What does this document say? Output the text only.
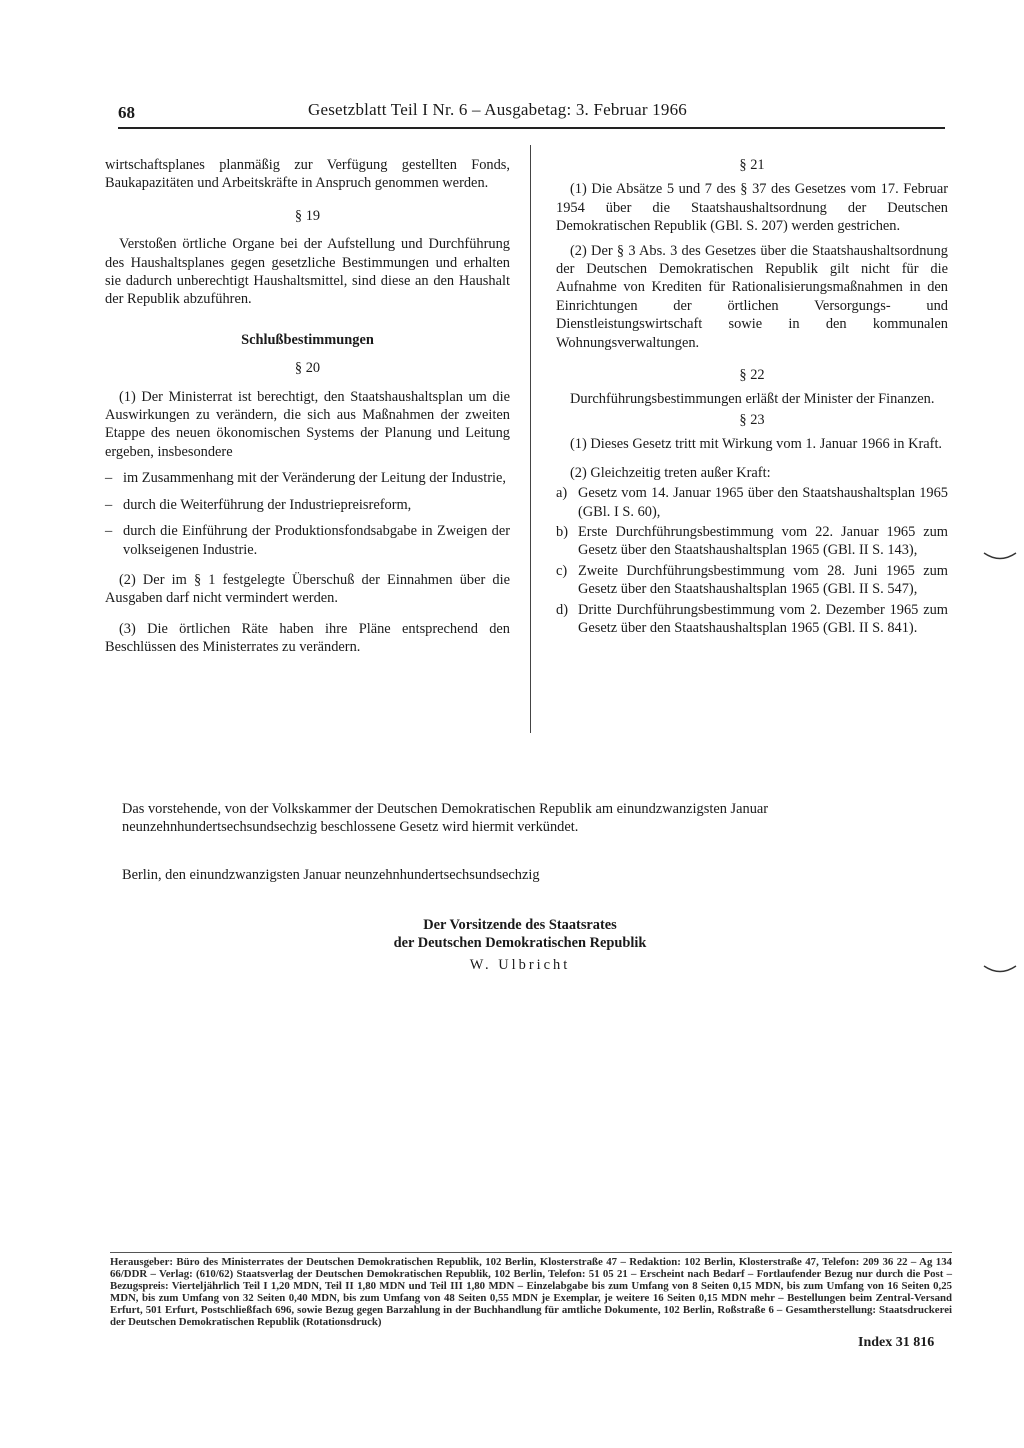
68	Gesetzblatt Teil I Nr. 6 – Ausgabetag: 3. Februar 1966

wirtschaftsplanes planmäßig zur Verfügung gestellten Fonds, Baukapazitäten und Arbeitskräfte in Anspruch genommen werden.

§ 19

Verstoßen örtliche Organe bei der Aufstellung und Durchführung des Haushaltsplanes gegen gesetzliche Bestimmungen und erhalten sie dadurch unberechtigt Haushaltsmittel, sind diese an den Haushalt der Republik abzuführen.

Schlußbestimmungen

§ 20

(1) Der Ministerrat ist berechtigt, den Staatshaushaltsplan um die Auswirkungen zu verändern, die sich aus Maßnahmen der zweiten Etappe des neuen ökonomischen Systems der Planung und Leitung ergeben, insbesondere

– im Zusammenhang mit der Veränderung der Leitung der Industrie,
– durch die Weiterführung der Industriepreisreform,
– durch die Einführung der Produktionsfondsabgabe in Zweigen der volkseigenen Industrie.

(2) Der im § 1 festgelegte Überschuß der Einnahmen über die Ausgaben darf nicht vermindert werden.

(3) Die örtlichen Räte haben ihre Pläne entsprechend den Beschlüssen des Ministerrates zu verändern.

§ 21

(1) Die Absätze 5 und 7 des § 37 des Gesetzes vom 17. Februar 1954 über die Staatshaushaltsordnung der Deutschen Demokratischen Republik (GBl. S. 207) werden gestrichen.

(2) Der § 3 Abs. 3 des Gesetzes über die Staatshaushaltsordnung der Deutschen Demokratischen Republik gilt nicht für die Aufnahme von Krediten für Rationalisierungsmaßnahmen in den Einrichtungen der örtlichen Versorgungs- und Dienstleistungswirtschaft sowie in den kommunalen Wohnungsverwaltungen.

§ 22

Durchführungsbestimmungen erläßt der Minister der Finanzen.

§ 23

(1) Dieses Gesetz tritt mit Wirkung vom 1. Januar 1966 in Kraft.

(2) Gleichzeitig treten außer Kraft:

a) Gesetz vom 14. Januar 1965 über den Staatshaushaltsplan 1965 (GBl. I S. 60),
b) Erste Durchführungsbestimmung vom 22. Januar 1965 zum Gesetz über den Staatshaushaltsplan 1965 (GBl. II S. 143),
c) Zweite Durchführungsbestimmung vom 28. Juni 1965 zum Gesetz über den Staatshaushaltsplan 1965 (GBl. II S. 547),
d) Dritte Durchführungsbestimmung vom 2. Dezember 1965 zum Gesetz über den Staatshaushaltsplan 1965 (GBl. II S. 841).

Das vorstehende, von der Volkskammer der Deutschen Demokratischen Republik am einundzwanzigsten Januar neunzehnhundertsechsundsechzig beschlossene Gesetz wird hiermit verkündet.

Berlin, den einundzwanzigsten Januar neunzehnhundertsechsundsechzig

Der Vorsitzende des Staatsrates
der Deutschen Demokratischen Republik
W. Ulbricht
Herausgeber: Büro des Ministerrates der Deutschen Demokratischen Republik, 102 Berlin, Klosterstraße 47 – Redaktion: 102 Berlin, Klosterstraße 47, Telefon: 209 36 22 – Ag 134 66/DDR – Verlag: (610/62) Staatsverlag der Deutschen Demokratischen Republik, 102 Berlin, Telefon: 51 05 21 – Erscheint nach Bedarf – Fortlaufender Bezug nur durch die Post – Bezugspreis: Vierteljährlich Teil I 1,20 MDN, Teil II 1,80 MDN und Teil III 1,80 MDN – Einzelabgabe bis zum Umfang von 8 Seiten 0,15 MDN, bis zum Umfang von 16 Seiten 0,25 MDN, bis zum Umfang von 32 Seiten 0,40 MDN, bis zum Umfang von 48 Seiten 0,55 MDN je Exemplar, je weitere 16 Seiten 0,15 MDN mehr – Bestellungen beim Zentral-Versand Erfurt, 501 Erfurt, Postschließfach 696, sowie Bezug gegen Barzahlung in der Buchhandlung für amtliche Dokumente, 102 Berlin, Roßstraße 6 – Gesamtherstellung: Staatsdruckerei der Deutschen Demokratischen Republik (Rotationsdruck)
Index 31 816
